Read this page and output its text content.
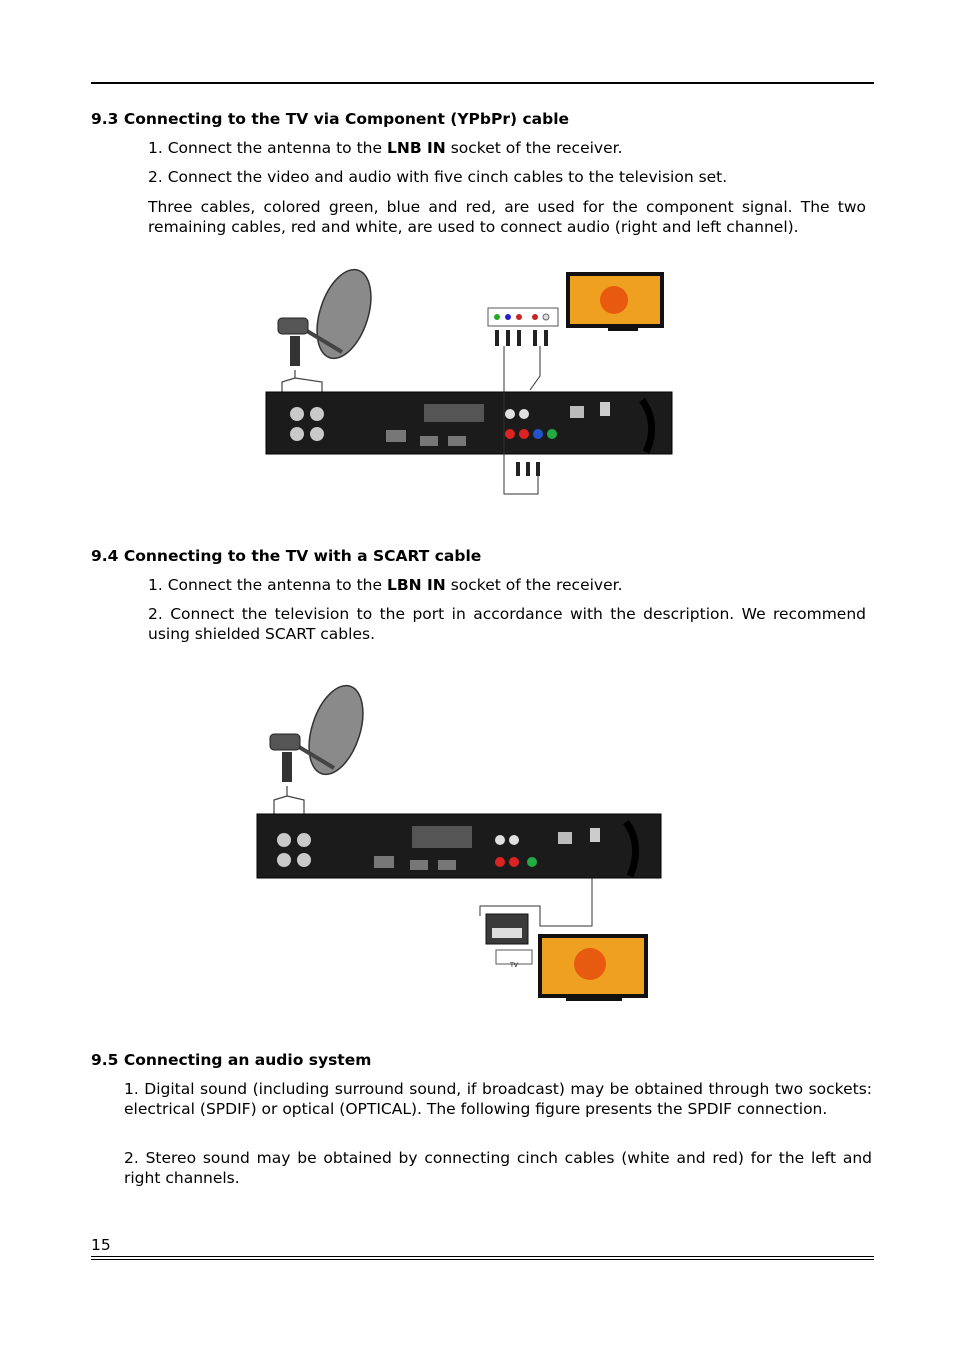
9.3 Connecting to the TV via Component (YPbPr) cable

1. Connect the antenna to the LNB IN socket of the receiver.

2. Connect the video and audio with five cinch cables to the television set.

Three cables, colored green, blue and red, are used for the component signal. The two remaining cables, red and white, are used to connect audio (right and left channel).

9.4 Connecting to the TV with a SCART cable

1. Connect the antenna to the LBN IN socket of the receiver.

2. Connect the television to the port in accordance with the description. We recommend using shielded SCART cables.

TV
9.5 Connecting an audio system

1. Digital sound (including surround sound, if broadcast) may be obtained through two sockets: electrical (SPDIF) or optical (OPTICAL). The following figure presents the SPDIF connection.

2. Stereo sound may be obtained by connecting cinch cables (white and red) for the left and right channels.

15
